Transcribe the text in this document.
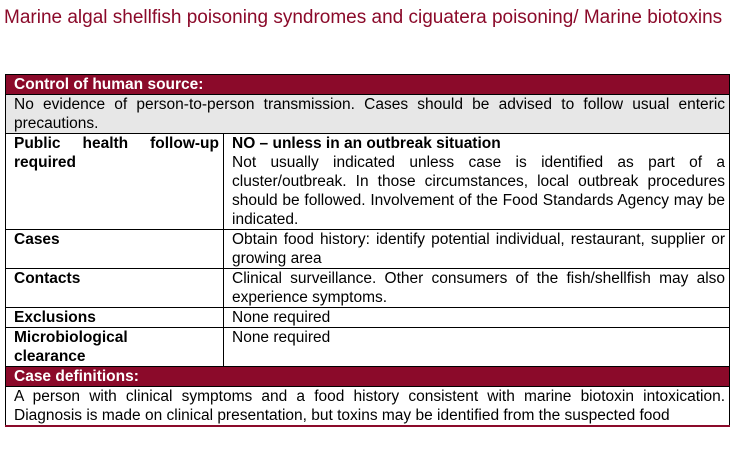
Marine algal shellfish poisoning syndromes and ciguatera poisoning/ Marine biotoxins
Control of human source:	
No evidence of person-to-person transmission. Cases should be advised to follow usual enteric precautions.	
Public health follow-up required	NO – unless in an outbreak situation
Not usually indicated unless case is identified as part of a cluster/outbreak. In those circumstances, local outbreak procedures should be followed. Involvement of the Food Standards Agency may be indicated.
Cases	Obtain food history: identify potential individual, restaurant, supplier or growing area
Contacts	Clinical surveillance. Other consumers of the fish/shellfish may also experience symptoms.
Exclusions	None required

Microbiological clearance	None required
Case definitions:	
A person with clinical symptoms and a food history consistent with marine biotoxin intoxication. Diagnosis is made on clinical presentation, but toxins may be identified from the suspected food	
